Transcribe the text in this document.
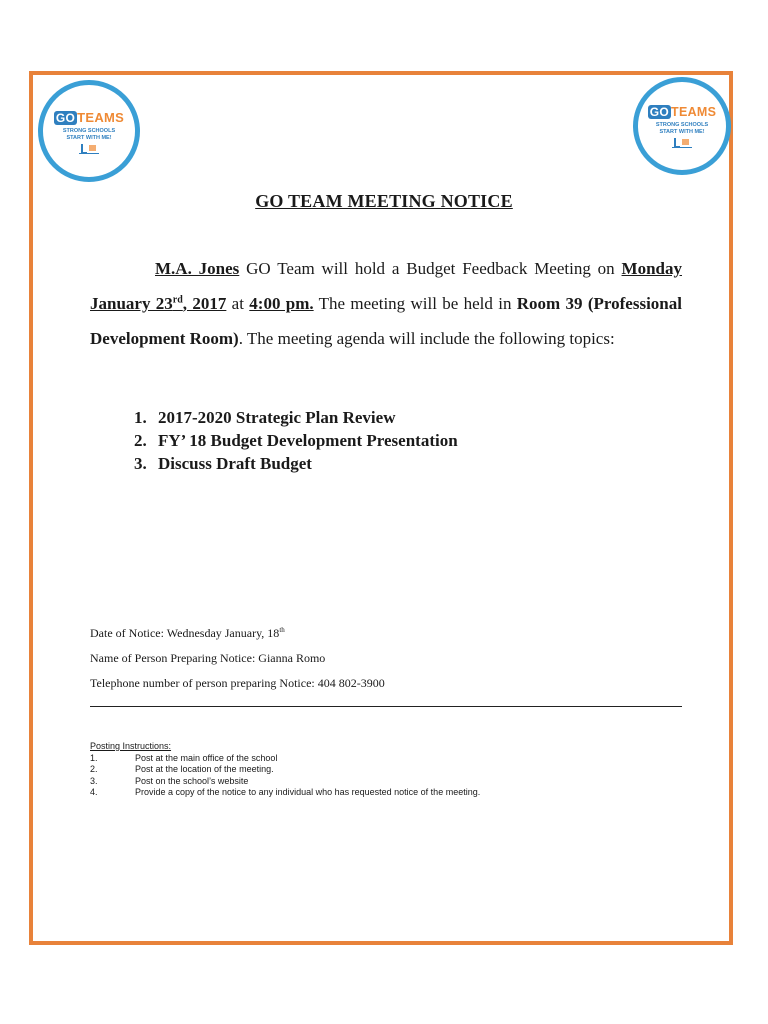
GO TEAMS
STRONG SCHOOLS
START WITH ME!
GO TEAMS
STRONG SCHOOLS
START WITH ME!
GO TEAM MEETING NOTICE
M.A. Jones GO Team will hold a Budget Feedback Meeting on Monday January 23rd, 2017 at 4:00 pm. The meeting will be held in Room 39 (Professional Development Room). The meeting agenda will include the following topics:
1. 2017-2020 Strategic Plan Review
2. FY’ 18 Budget Development Presentation
3. Discuss Draft Budget
Date of Notice: Wednesday January, 18th
Name of Person Preparing Notice: Gianna Romo
Telephone number of person preparing Notice: 404 802-3900
Posting Instructions:
1.	Post at the main office of the school
2.	Post at the location of the meeting.
3.	Post on the school’s website
4.	Provide a copy of the notice to any individual who has requested notice of the meeting.
